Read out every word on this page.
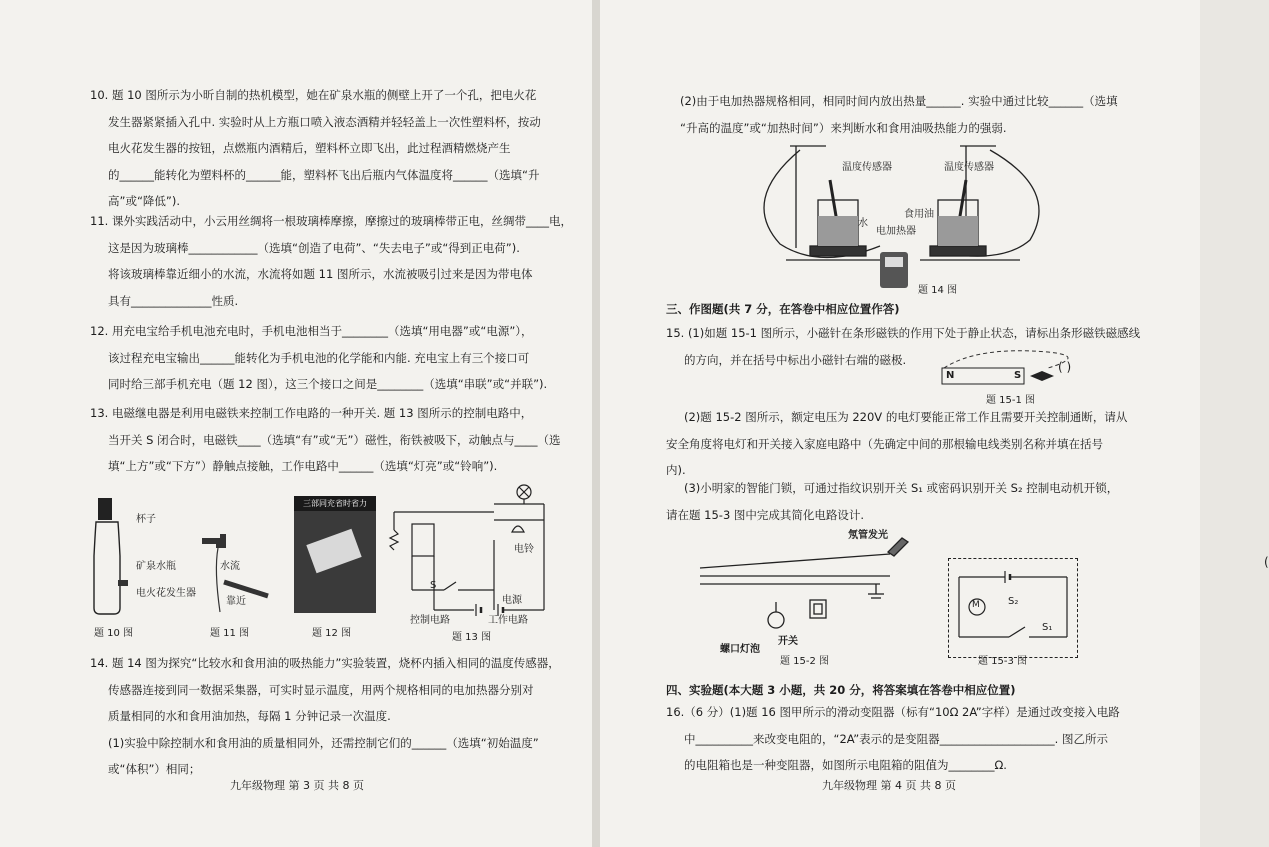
10. 题 10 图所示为小昕自制的热机模型，她在矿泉水瓶的侧壁上开了一个孔，把电火花
发生器紧紧插入孔中. 实验时从上方瓶口喷入液态酒精并轻轻盖上一次性塑料杯，按动
电火花发生器的按钮，点燃瓶内酒精后，塑料杯立即飞出，此过程酒精燃烧产生
的______能转化为塑料杯的______能，塑料杯飞出后瓶内气体温度将______（选填“升
高”或“降低”).
11. 课外实践活动中，小云用丝绸将一根玻璃棒摩擦，摩擦过的玻璃棒带正电，丝绸带____电，
这是因为玻璃棒____________（选填“创造了电荷”、“失去电子”或“得到正电荷”).
将该玻璃棒靠近细小的水流，水流将如题 11 图所示，水流被吸引过来是因为带电体
具有______________性质.
12. 用充电宝给手机电池充电时，手机电池相当于________（选填“用电器”或“电源”），
该过程充电宝输出______能转化为手机电池的化学能和内能. 充电宝上有三个接口可
同时给三部手机充电（题 12 图），这三个接口之间是________（选填“串联”或“并联”).
13. 电磁继电器是利用电磁铁来控制工作电路的一种开关. 题 13 图所示的控制电路中，
当开关 S 闭合时，电磁铁____（选填“有”或“无”）磁性，衔铁被吸下，动触点与____（选
填“上方”或“下方”）静触点接触，工作电路中______（选填“灯亮”或“铃响”).
杯子
矿泉水瓶
电火花发生器
水流
靠近
三部同充省时省力
电铃
S
电源
控制电路	工作电路
题 10 图	题 11 图	题 12 图	题 13 图
14. 题 14 图为探究“比较水和食用油的吸热能力”实验装置，烧杯内插入相同的温度传感器，
传感器连接到同一数据采集器，可实时显示温度，用两个规格相同的电加热器分别对
质量相同的水和食用油加热，每隔 1 分钟记录一次温度.
(1)实验中除控制水和食用油的质量相同外，还需控制它们的______（选填“初始温度”
或“体积”）相同；
九年级物理 第 3 页 共 8 页
(2)由于电加热器规格相同，相同时间内放出热量______. 实验中通过比较______（选填
“升高的温度”或“加热时间”）来判断水和食用油吸热能力的强弱.
温度传感器	温度传感器
水
食用油
电加热器
题 14 图
三、作图题(共 7 分，在答卷中相应位置作答)
15. (1)如题 15-1 图所示，小磁针在条形磁铁的作用下处于静止状态，请标出条形磁铁磁感线
的方向，并在括号中标出小磁针右端的磁极.
N	S
( )
题 15-1 图
(2)题 15-2 图所示，额定电压为 220V 的电灯要能正常工作且需要开关控制通断，请从
安全角度将电灯和开关接入家庭电路中（先确定中间的那根输电线类别名称并填在括号
内).
(3)小明家的智能门锁，可通过指纹识别开关 S₁ 或密码识别开关 S₂ 控制电动机开锁，
请在题 15-3 图中完成其简化电路设计.
(
氖管发光
螺口灯泡
开关
题 15-2 图
M	S₂
S₁
题 15-3 图
四、实验题(本大题 3 小题，共 20 分，将答案填在答卷中相应位置)
16.（6 分）(1)题 16 图甲所示的滑动变阻器（标有“10Ω 2A”字样）是通过改变接入电路
中__________来改变电阻的，“2A”表示的是变阻器____________________. 图乙所示
的电阻箱也是一种变阻器，如图所示电阻箱的阻值为________Ω.
九年级物理 第 4 页 共 8 页
